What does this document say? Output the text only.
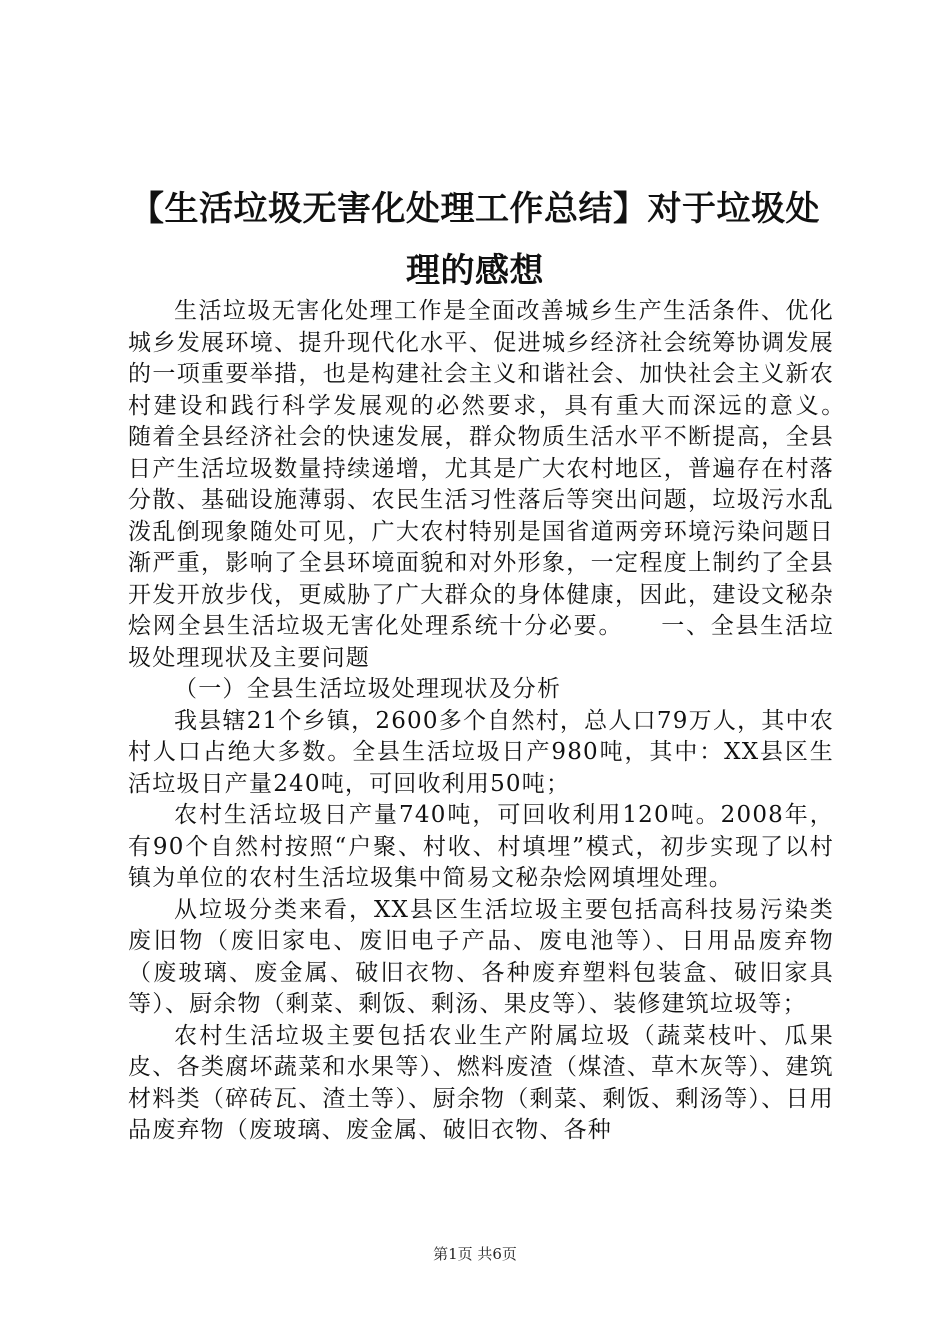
【生活垃圾无害化处理工作总结】对于垃圾处理的感想

生活垃圾无害化处理工作是全面改善城乡生产生活条件、优化城乡发展环境、提升现代化水平、促进城乡经济社会统筹协调发展的一项重要举措，也是构建社会主义和谐社会、加快社会主义新农村建设和践行科学发展观的必然要求，具有重大而深远的意义。　　随着全县经济社会的快速发展，群众物质生活水平不断提高，全县日产生活垃圾数量持续递增，尤其是广大农村地区，普遍存在村落分散、基础设施薄弱、农民生活习性落后等突出问题，垃圾污水乱泼乱倒现象随处可见，广大农村特别是国省道两旁环境污染问题日渐严重，影响了全县环境面貌和对外形象，一定程度上制约了全县开发开放步伐，更威胁了广大群众的身体健康，因此，建设文秘杂烩网全县生活垃圾无害化处理系统十分必要。　　一、全县生活垃圾处理现状及主要问题

（一）全县生活垃圾处理现状及分析

我县辖21个乡镇，2600多个自然村，总人口79万人，其中农村人口占绝大多数。全县生活垃圾日产980吨，其中：XX县区生活垃圾日产量240吨，可回收利用50吨；

农村生活垃圾日产量740吨，可回收利用120吨。2008年，有90个自然村按照“户聚、村收、村填埋”模式，初步实现了以村镇为单位的农村生活垃圾集中简易文秘杂烩网填埋处理。

从垃圾分类来看，XX县区生活垃圾主要包括高科技易污染类废旧物（废旧家电、废旧电子产品、废电池等）、日用品废弃物（废玻璃、废金属、破旧衣物、各种废弃塑料包装盒、破旧家具等）、厨余物（剩菜、剩饭、剩汤、果皮等）、装修建筑垃圾等；

农村生活垃圾主要包括农业生产附属垃圾（蔬菜枝叶、瓜果皮、各类腐坏蔬菜和水果等）、燃料废渣（煤渣、草木灰等）、建筑材料类（碎砖瓦、渣土等）、厨余物（剩菜、剩饭、剩汤等）、日用品废弃物（废玻璃、废金属、破旧衣物、各种

第1页 共6页
